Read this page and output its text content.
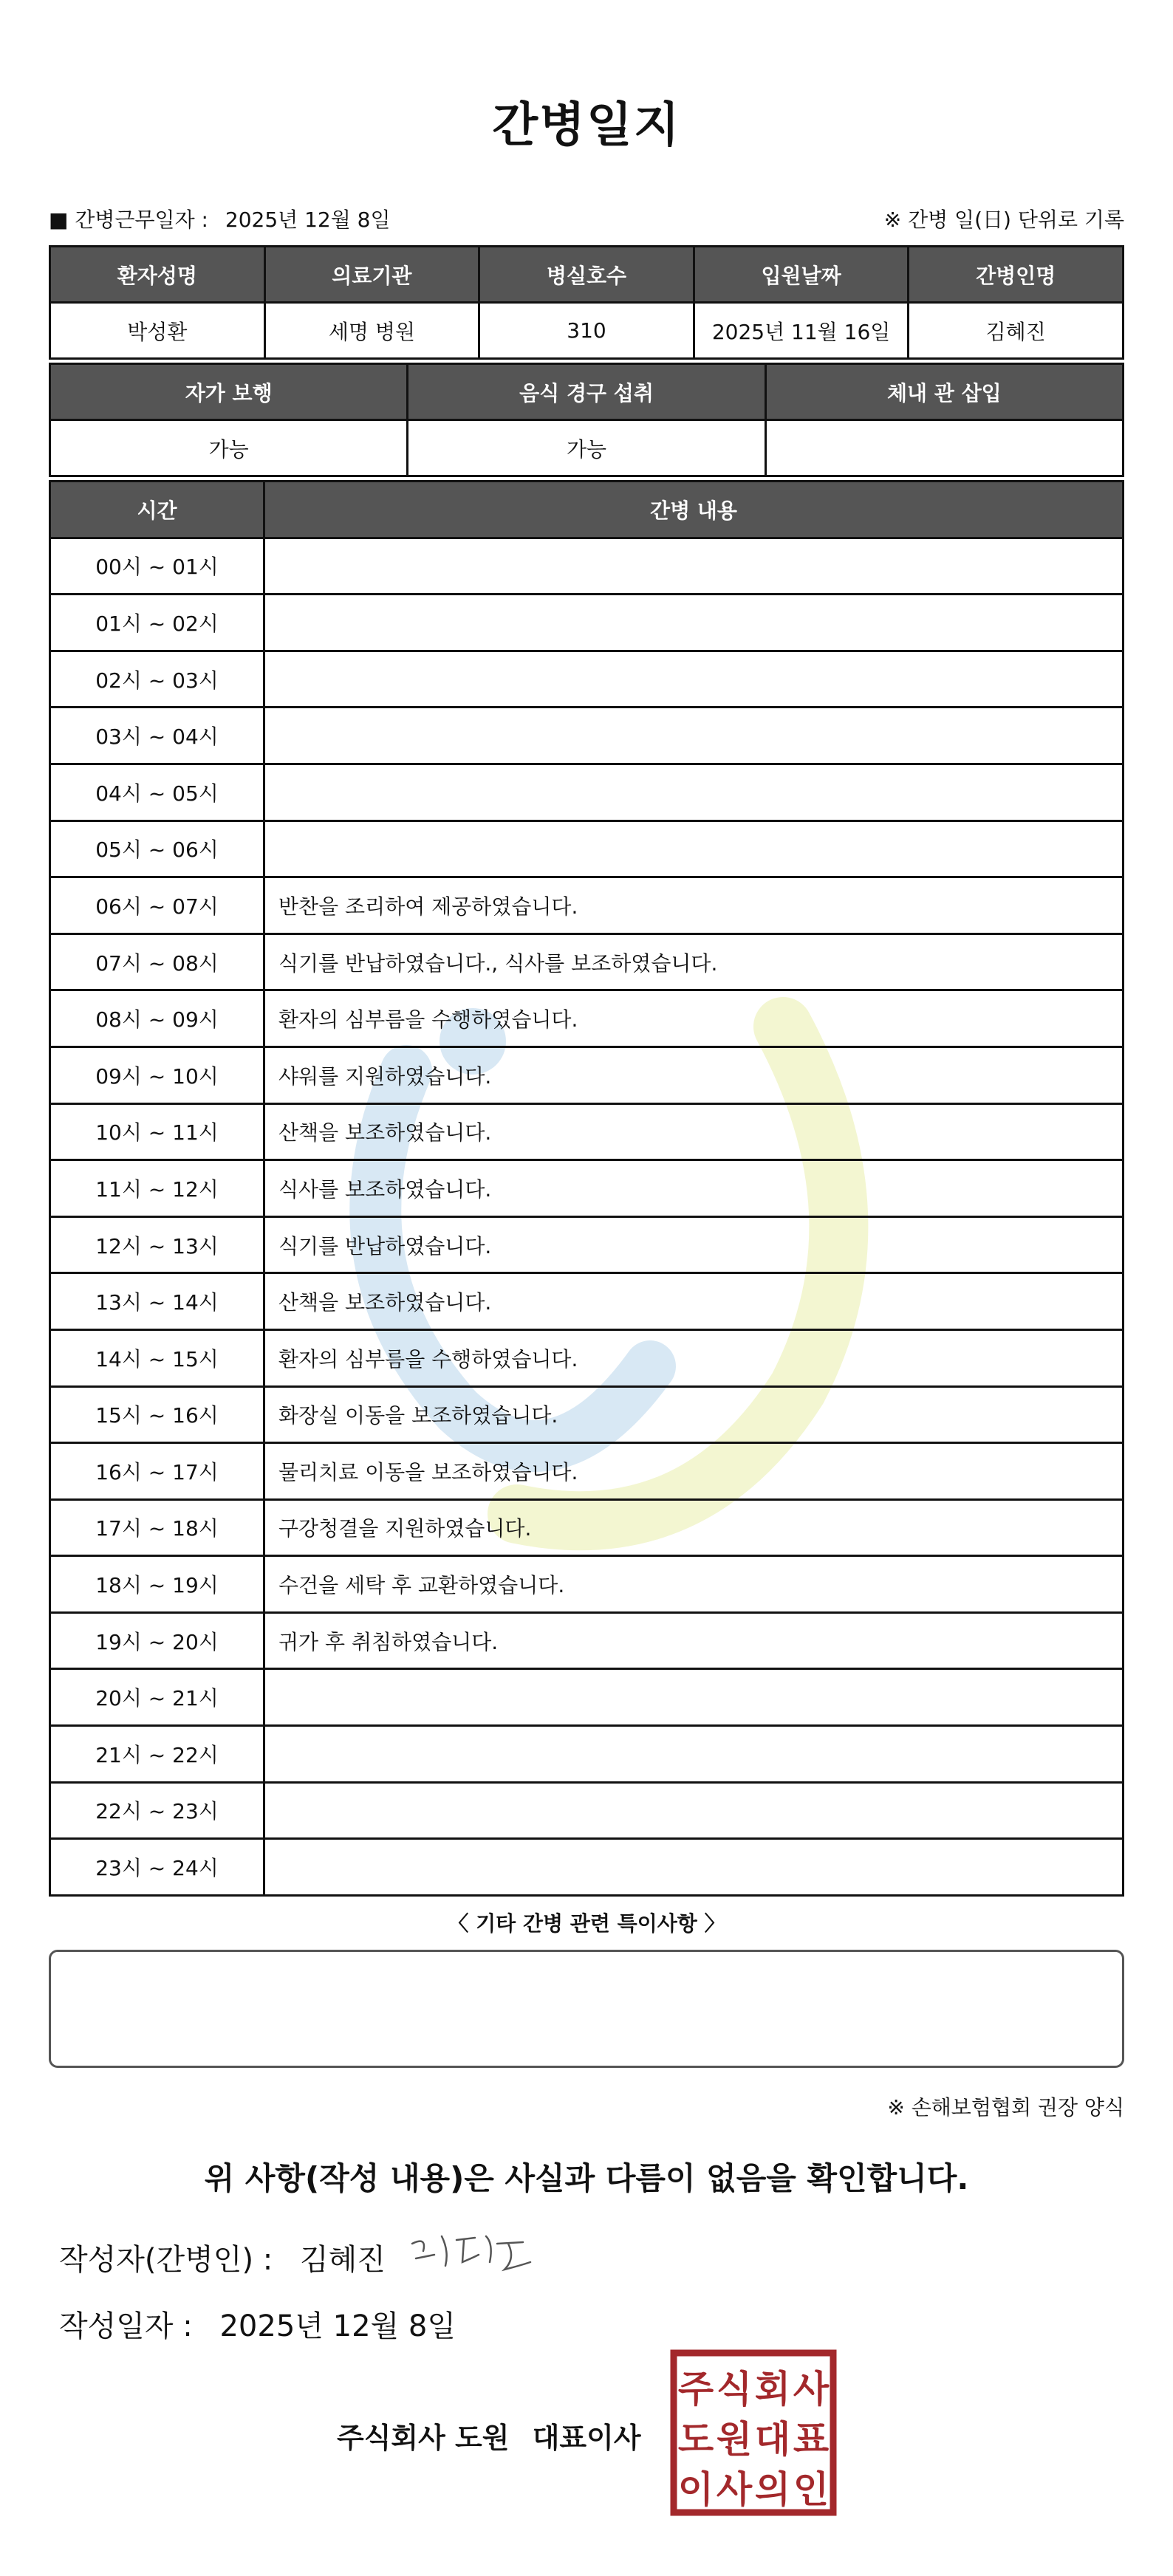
간병일지
■ 간병근무일자 : 2025년 12월 8일	※ 간병 일(日) 단위로 기록
환자성명	의료기관	병실호수	입원날짜	간병인명
박성환	세명 병원	310	2025년 11월 16일	김혜진
자가 보행	음식 경구 섭취	체내 관 삽입
가능	가능	
시간	간병 내용
00시 ~ 01시	
01시 ~ 02시	
02시 ~ 03시	
03시 ~ 04시	
04시 ~ 05시	
05시 ~ 06시	
06시 ~ 07시	반찬을 조리하여 제공하였습니다.
07시 ~ 08시	식기를 반납하였습니다., 식사를 보조하였습니다.
08시 ~ 09시	환자의 심부름을 수행하였습니다.
09시 ~ 10시	샤워를 지원하였습니다.
10시 ~ 11시	산책을 보조하였습니다.
11시 ~ 12시	식사를 보조하였습니다.
12시 ~ 13시	식기를 반납하였습니다.
13시 ~ 14시	산책을 보조하였습니다.
14시 ~ 15시	환자의 심부름을 수행하였습니다.
15시 ~ 16시	화장실 이동을 보조하였습니다.
16시 ~ 17시	물리치료 이동을 보조하였습니다.
17시 ~ 18시	구강청결을 지원하였습니다.
18시 ~ 19시	수건을 세탁 후 교환하였습니다.
19시 ~ 20시	귀가 후 취침하였습니다.
20시 ~ 21시	
21시 ~ 22시	
22시 ~ 23시	
23시 ~ 24시	
〈 기타 간병 관련 특이사항 〉
※ 손해보험협회 권장 양식
위 사항(작성 내용)은 사실과 다름이 없음을 확인합니다.
작성자(간병인) : 김혜진
작성일자 : 2025년 12월 8일
주식회사 도원 대표이사
주 식 회 사
도 원 대 표
이 사 의 인
